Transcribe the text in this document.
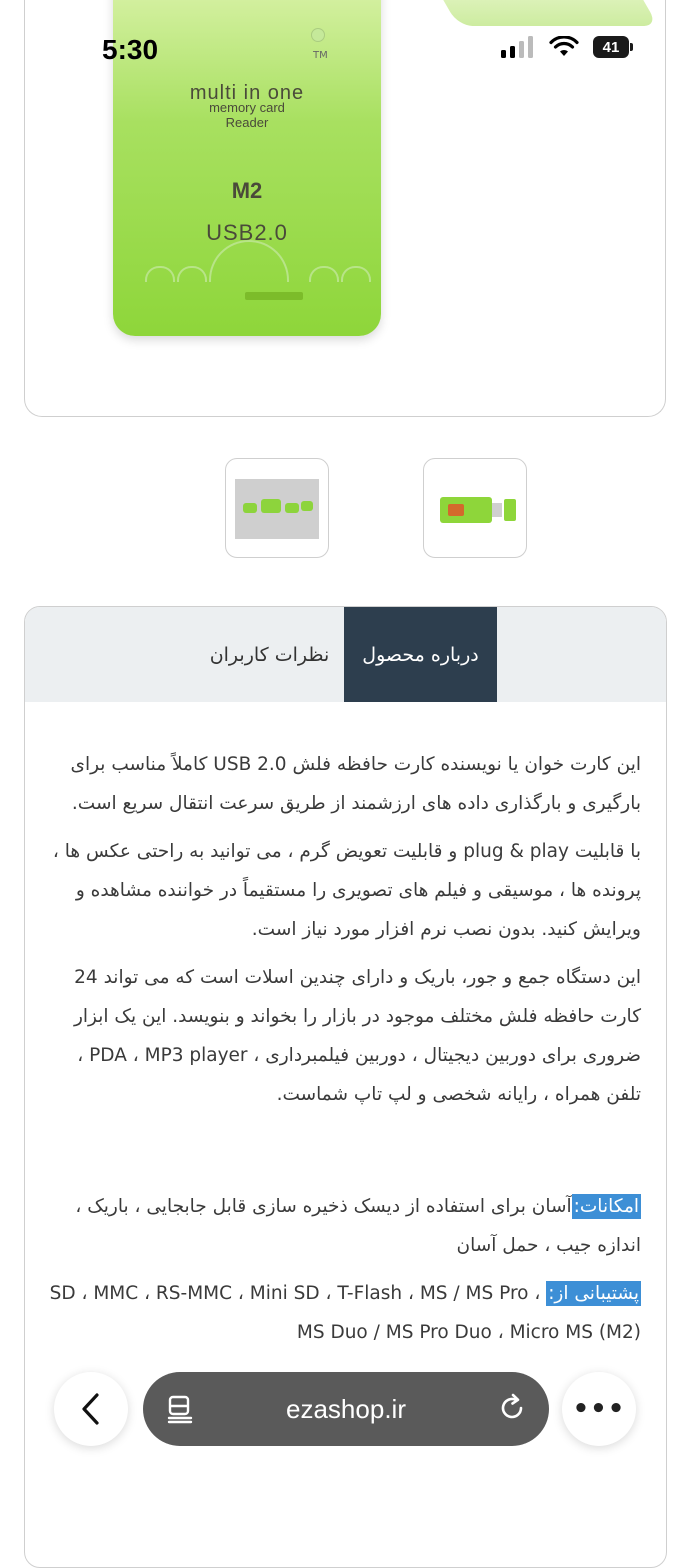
5:30	41
TM
multi in one
memory card
Reader
M2
USB2.0
درباره محصول
نظرات کاربران

این کارت خوان یا نویسنده کارت حافظه فلش USB 2.0 کاملاً مناسب برای بارگیری و بارگذاری داده های ارزشمند از طریق سرعت انتقال سریع است.

با قابلیت plug & play و قابلیت تعویض گرم ، می توانید به راحتی عکس ها ، پرونده ها ، موسیقی و فیلم های تصویری را مستقیماً در خواننده مشاهده و ویرایش کنید. بدون نصب نرم افزار مورد نیاز است.

این دستگاه جمع و جور، باریک و دارای چندین اسلات است که می تواند 24 کارت حافظه فلش مختلف موجود در بازار را بخواند و بنویسد. این یک ابزار ضروری برای دوربین دیجیتال ، دوربین فیلمبرداری ، PDA ، MP3 player ، تلفن همراه ، رایانه شخصی و لپ تاپ شماست.

امکانات:آسان برای استفاده از دیسک ذخیره سازی قابل جابجایی ، باریک ، اندازه جیب ، حمل آسان

پشتیبانی از: SD ، MMC ، RS-MMC ، Mini SD ، T-Flash ، MS / MS Pro ، MS Duo / MS Pro Duo ، Micro MS (M2)

ezashop.ir	•••
